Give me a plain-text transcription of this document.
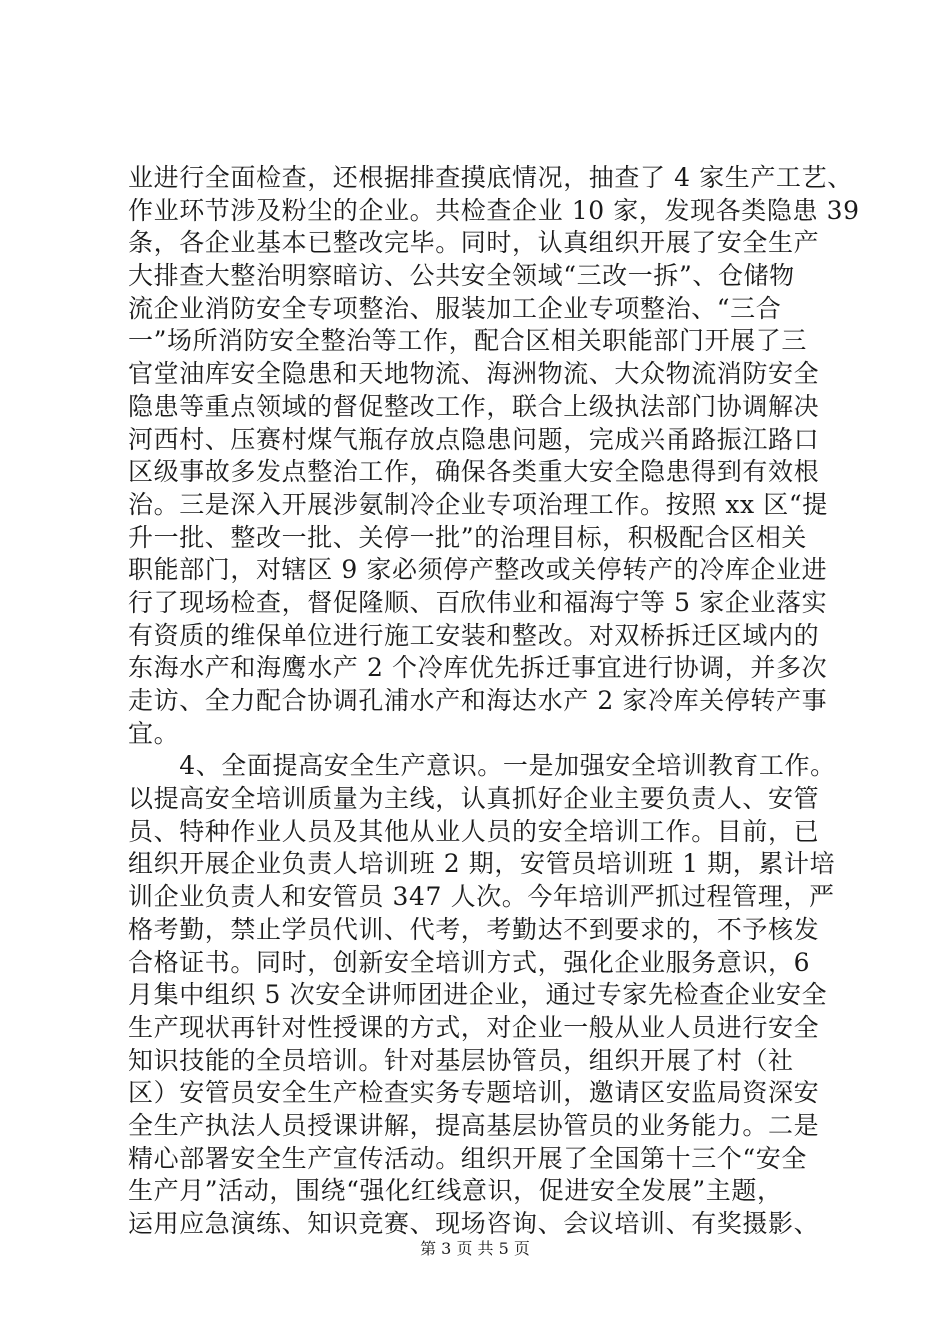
业进行全面检查，还根据排查摸底情况，抽查了 4 家生产工艺、
作业环节涉及粉尘的企业。共检查企业 10 家，发现各类隐患 39
条，各企业基本已整改完毕。同时，认真组织开展了安全生产
大排查大整治明察暗访、公共安全领域“三改一拆”、仓储物
流企业消防安全专项整治、服装加工企业专项整治、“三合
一”场所消防安全整治等工作，配合区相关职能部门开展了三
官堂油库安全隐患和天地物流、海洲物流、大众物流消防安全
隐患等重点领域的督促整改工作，联合上级执法部门协调解决
河西村、压赛村煤气瓶存放点隐患问题，完成兴甬路振江路口
区级事故多发点整治工作，确保各类重大安全隐患得到有效根
治。三是深入开展涉氨制冷企业专项治理工作。按照 xx 区“提
升一批、整改一批、关停一批”的治理目标，积极配合区相关
职能部门，对辖区 9 家必须停产整改或关停转产的冷库企业进
行了现场检查，督促隆顺、百欣伟业和福海宁等 5 家企业落实
有资质的维保单位进行施工安装和整改。对双桥拆迁区域内的
东海水产和海鹰水产 2 个冷库优先拆迁事宜进行协调，并多次
走访、全力配合协调孔浦水产和海达水产 2 家冷库关停转产事
宜。
　　4、全面提高安全生产意识。一是加强安全培训教育工作。
以提高安全培训质量为主线，认真抓好企业主要负责人、安管
员、特种作业人员及其他从业人员的安全培训工作。目前，已
组织开展企业负责人培训班 2 期，安管员培训班 1 期，累计培
训企业负责人和安管员 347 人次。今年培训严抓过程管理，严
格考勤，禁止学员代训、代考，考勤达不到要求的，不予核发
合格证书。同时，创新安全培训方式，强化企业服务意识，6
月集中组织 5 次安全讲师团进企业，通过专家先检查企业安全
生产现状再针对性授课的方式，对企业一般从业人员进行安全
知识技能的全员培训。针对基层协管员，组织开展了村（社
区）安管员安全生产检查实务专题培训，邀请区安监局资深安
全生产执法人员授课讲解，提高基层协管员的业务能力。二是
精心部署安全生产宣传活动。组织开展了全国第十三个“安全
生产月”活动，围绕“强化红线意识，促进安全发展”主题，
运用应急演练、知识竞赛、现场咨询、会议培训、有奖摄影、
第 3 页 共 5 页
